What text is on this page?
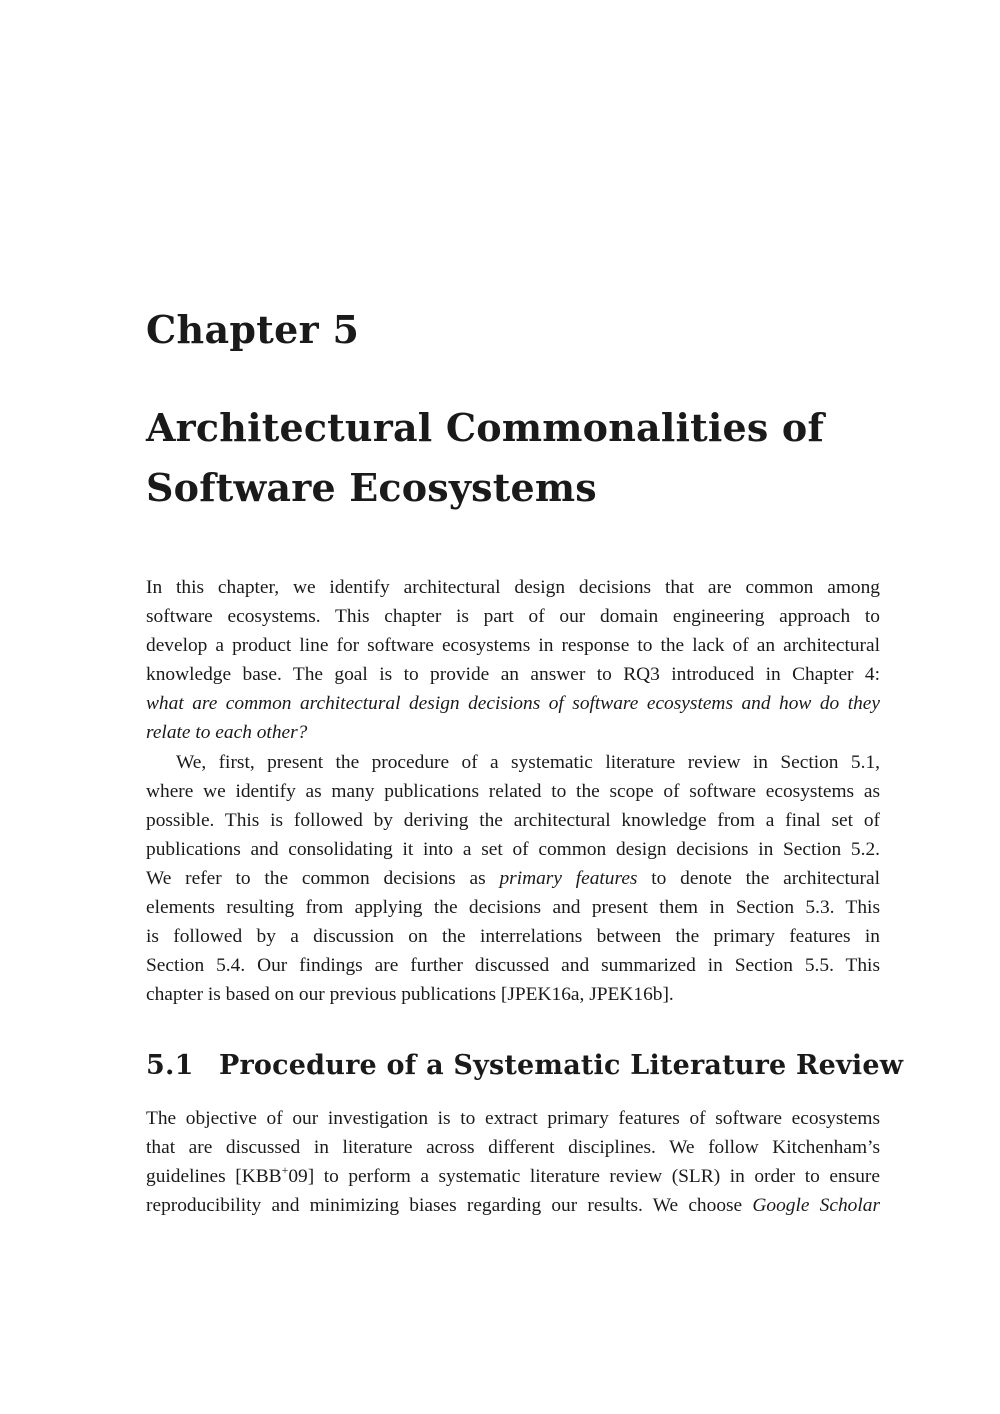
Chapter 5
Architectural Commonalities of
Software Ecosystems
In this chapter, we identify architectural design decisions that are common among
software ecosystems. This chapter is part of our domain engineering approach to
develop a product line for software ecosystems in response to the lack of an architectural
knowledge base. The goal is to provide an answer to RQ3 introduced in Chapter 4:
what are common architectural design decisions of software ecosystems and how do they
relate to each other?
We, first, present the procedure of a systematic literature review in Section 5.1,
where we identify as many publications related to the scope of software ecosystems as
possible. This is followed by deriving the architectural knowledge from a final set of
publications and consolidating it into a set of common design decisions in Section 5.2.
We refer to the common decisions as primary features to denote the architectural
elements resulting from applying the decisions and present them in Section 5.3. This
is followed by a discussion on the interrelations between the primary features in
Section 5.4. Our findings are further discussed and summarized in Section 5.5. This
chapter is based on our previous publications [JPEK16a, JPEK16b].
5.1 Procedure of a Systematic Literature Review
The objective of our investigation is to extract primary features of software ecosystems
that are discussed in literature across different disciplines. We follow Kitchenham’s
guidelines [KBB+09] to perform a systematic literature review (SLR) in order to ensure
reproducibility and minimizing biases regarding our results. We choose Google Scholar
